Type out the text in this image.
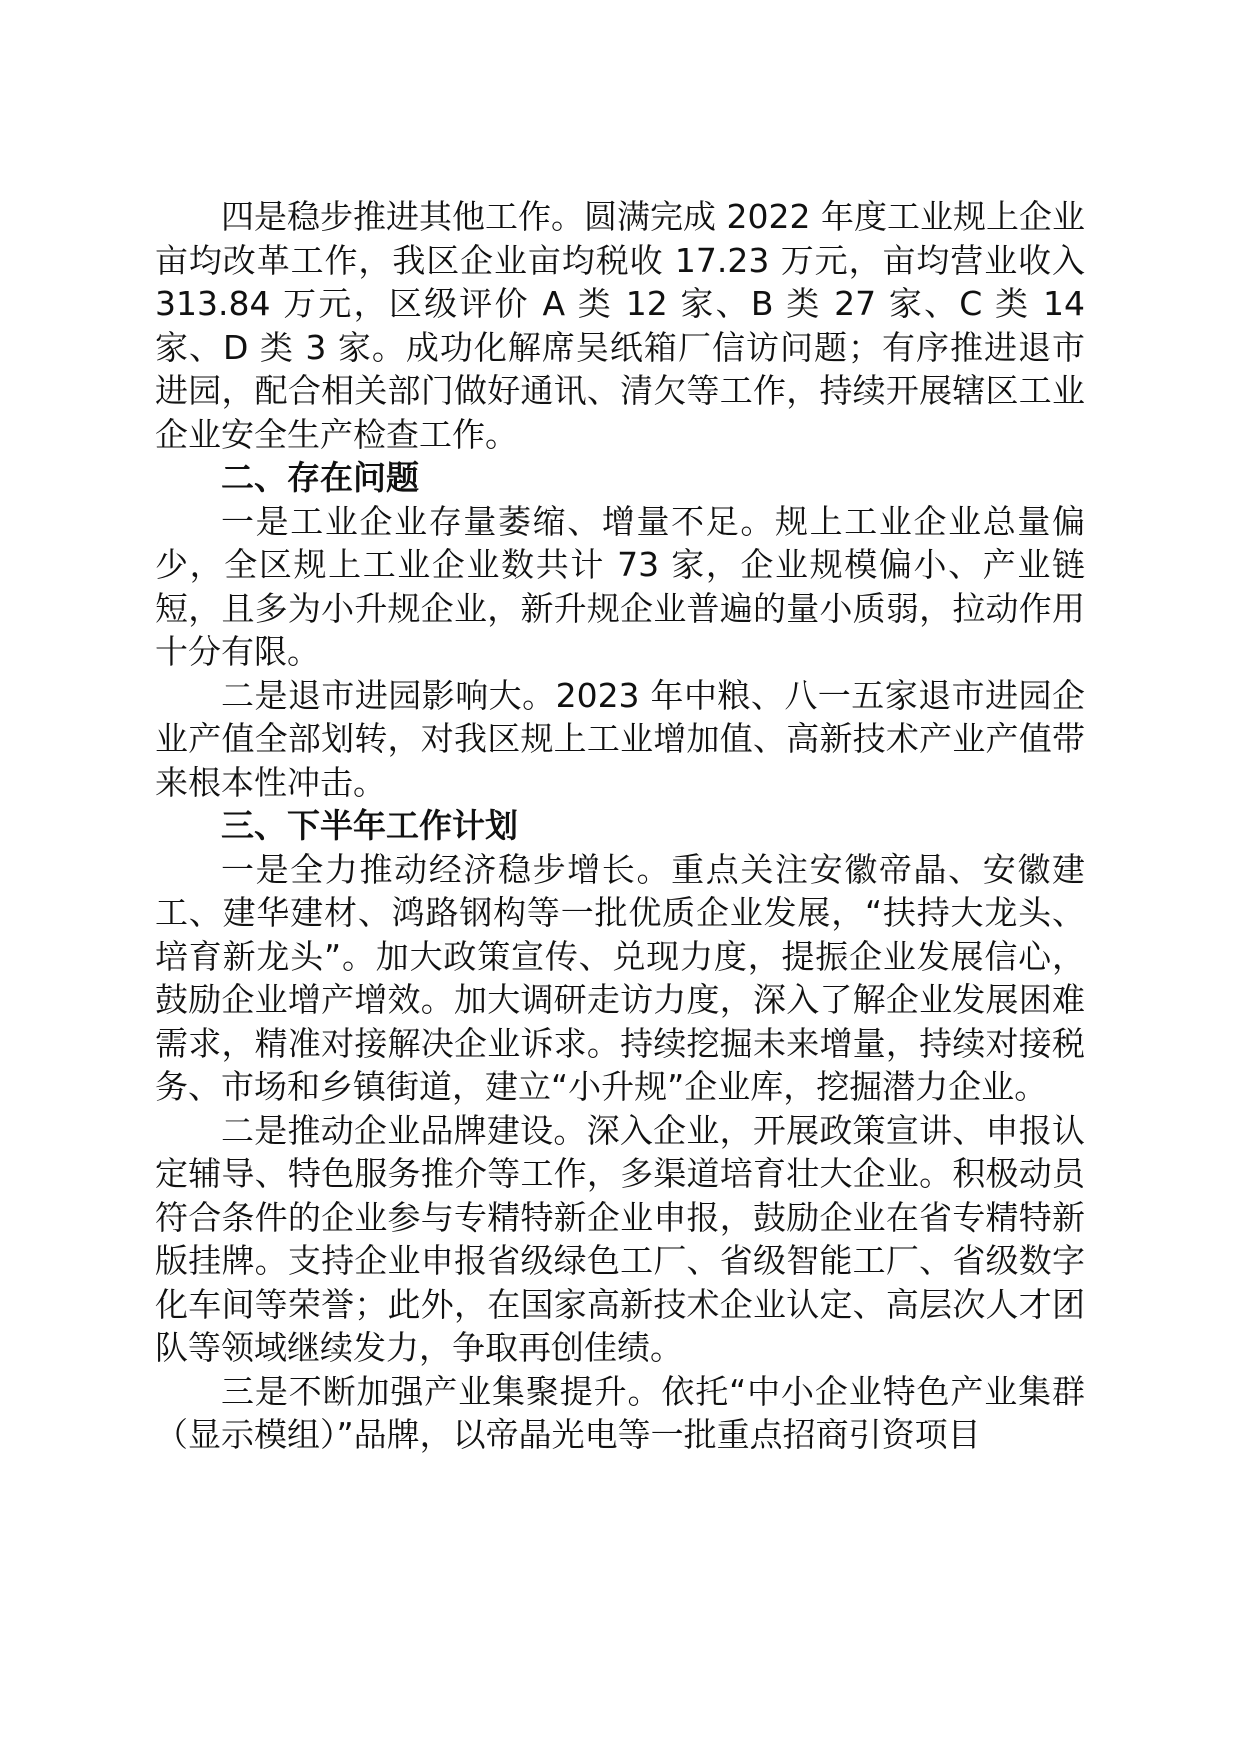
四是稳步推进其他工作。圆满完成 2022 年度工业规上企业亩均改革工作，我区企业亩均税收 17.23 万元，亩均营业收入 313.84 万元，区级评价 A 类 12 家、B 类 27 家、C 类 14 家、D 类 3 家。成功化解席吴纸箱厂信访问题；有序推进退市进园，配合相关部门做好通讯、清欠等工作，持续开展辖区工业企业安全生产检查工作。

二、存在问题

一是工业企业存量萎缩、增量不足。规上工业企业总量偏少，全区规上工业企业数共计 73 家，企业规模偏小、产业链短，且多为小升规企业，新升规企业普遍的量小质弱，拉动作用十分有限。

二是退市进园影响大。2023 年中粮、八一五家退市进园企业产值全部划转，对我区规上工业增加值、高新技术产业产值带来根本性冲击。

三、下半年工作计划

一是全力推动经济稳步增长。重点关注安徽帝晶、安徽建工、建华建材、鸿路钢构等一批优质企业发展，“扶持大龙头、培育新龙头”。加大政策宣传、兑现力度，提振企业发展信心，鼓励企业增产增效。加大调研走访力度，深入了解企业发展困难需求，精准对接解决企业诉求。持续挖掘未来增量，持续对接税务、市场和乡镇街道，建立“小升规”企业库，挖掘潜力企业。

二是推动企业品牌建设。深入企业，开展政策宣讲、申报认定辅导、特色服务推介等工作，多渠道培育壮大企业。积极动员符合条件的企业参与专精特新企业申报，鼓励企业在省专精特新版挂牌。支持企业申报省级绿色工厂、省级智能工厂、省级数字化车间等荣誉；此外，在国家高新技术企业认定、高层次人才团队等领域继续发力，争取再创佳绩。

三是不断加强产业集聚提升。依托“中小企业特色产业集群（显示模组）”品牌，以帝晶光电等一批重点招商引资项目
